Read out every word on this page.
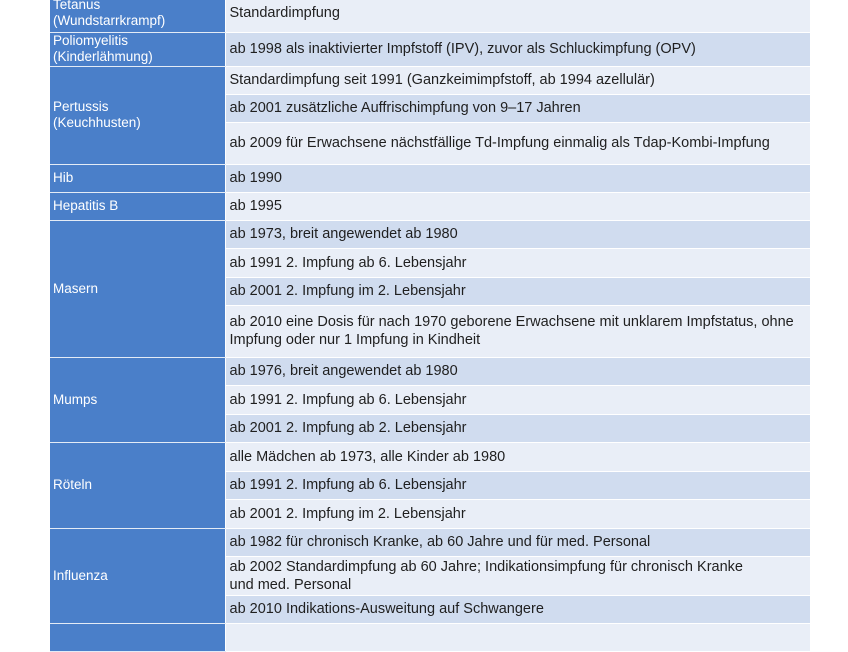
Tetanus
(Wundstarrkrampf)	Standardimpfung
Poliomyelitis
(Kinderlähmung)	ab 1998 als inaktivierter Impfstoff (IPV), zuvor als Schluckimpfung (OPV)
Pertussis
(Keuchhusten)	Standardimpfung seit 1991 (Ganzkeimimpfstoff, ab 1994 azellulär)
	ab 2001 zusätzliche Auffrischimpfung von 9–17 Jahren
	ab 2009 für Erwachsene nächstfällige Td-Impfung einmalig als Tdap-Kombi-Impfung
Hib	ab 1990
Hepatitis B	ab 1995
Masern	ab 1973, breit angewendet ab 1980
	ab 1991 2. Impfung ab 6. Lebensjahr
	ab 2001 2. Impfung im 2. Lebensjahr
	ab 2010 eine Dosis für nach 1970 geborene Erwachsene mit unklarem Impfstatus, ohne Impfung oder nur 1 Impfung in Kindheit
Mumps	ab 1976, breit angewendet ab 1980
	ab 1991 2. Impfung ab 6. Lebensjahr
	ab 2001 2. Impfung ab 2. Lebensjahr
Röteln	alle Mädchen ab 1973, alle Kinder ab 1980
	ab 1991 2. Impfung ab 6. Lebensjahr
	ab 2001 2. Impfung im 2. Lebensjahr
Influenza	ab 1982 für chronisch Kranke, ab 60 Jahre und für med. Personal
	ab 2002 Standardimpfung ab 60 Jahre; Indikationsimpfung für chronisch Kranke
und med. Personal
	ab 2010 Indikations-Ausweitung auf Schwangere
